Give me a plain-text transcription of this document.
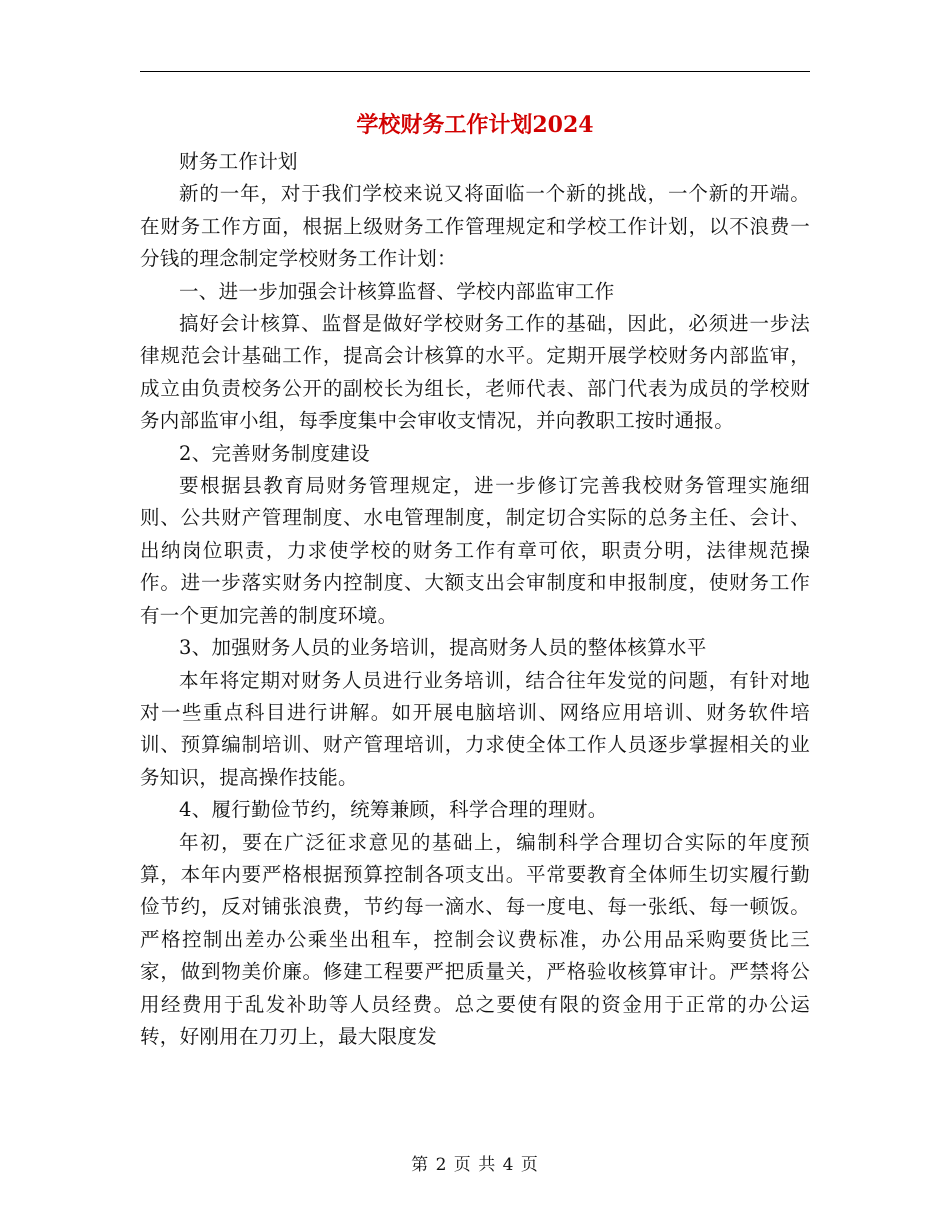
学校财务工作计划2024

财务工作计划

新的一年，对于我们学校来说又将面临一个新的挑战，一个新的开端。在财务工作方面，根据上级财务工作管理规定和学校工作计划，以不浪费一分钱的理念制定学校财务工作计划：

一、进一步加强会计核算监督、学校内部监审工作

搞好会计核算、监督是做好学校财务工作的基础，因此，必须进一步法律规范会计基础工作，提高会计核算的水平。定期开展学校财务内部监审，成立由负责校务公开的副校长为组长，老师代表、部门代表为成员的学校财务内部监审小组，每季度集中会审收支情况，并向教职工按时通报。

2、完善财务制度建设

要根据县教育局财务管理规定，进一步修订完善我校财务管理实施细则、公共财产管理制度、水电管理制度，制定切合实际的总务主任、会计、出纳岗位职责，力求使学校的财务工作有章可依，职责分明，法律规范操作。进一步落实财务内控制度、大额支出会审制度和申报制度，使财务工作有一个更加完善的制度环境。

3、加强财务人员的业务培训，提高财务人员的整体核算水平

本年将定期对财务人员进行业务培训，结合往年发觉的问题，有针对地对一些重点科目进行讲解。如开展电脑培训、网络应用培训、财务软件培训、预算编制培训、财产管理培训，力求使全体工作人员逐步掌握相关的业务知识，提高操作技能。

4、履行勤俭节约，统筹兼顾，科学合理的理财。

年初，要在广泛征求意见的基础上，编制科学合理切合实际的年度预算，本年内要严格根据预算控制各项支出。平常要教育全体师生切实履行勤俭节约，反对铺张浪费，节约每一滴水、每一度电、每一张纸、每一顿饭。严格控制出差办公乘坐出租车，控制会议费标准，办公用品采购要货比三家，做到物美价廉。修建工程要严把质量关，严格验收核算审计。严禁将公用经费用于乱发补助等人员经费。总之要使有限的资金用于正常的办公运转，好刚用在刀刃上，最大限度发

第 2 页 共 4 页
